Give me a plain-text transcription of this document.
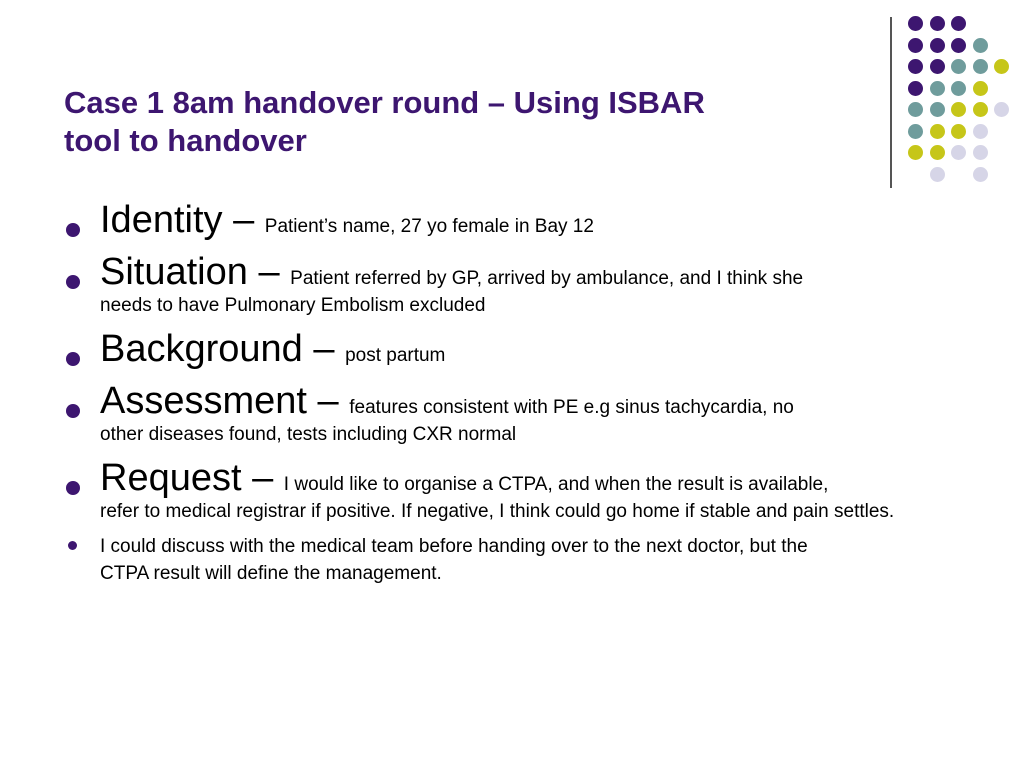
Case 1 8am handover round – Using ISBAR
tool to handover
Identity – Patient’s name, 27 yo female in Bay 12
Situation – Patient referred by GP, arrived by ambulance, and I think she
needs to have Pulmonary Embolism excluded
Background – post partum
Assessment – features consistent with PE e.g sinus tachycardia, no
other diseases found, tests including CXR normal
Request – I would like to organise a CTPA, and when the result is available,
refer to medical registrar if positive. If negative, I think could go home if stable and pain settles.
I could discuss with the medical team before handing over to the next doctor, but the
CTPA result will define the management.
